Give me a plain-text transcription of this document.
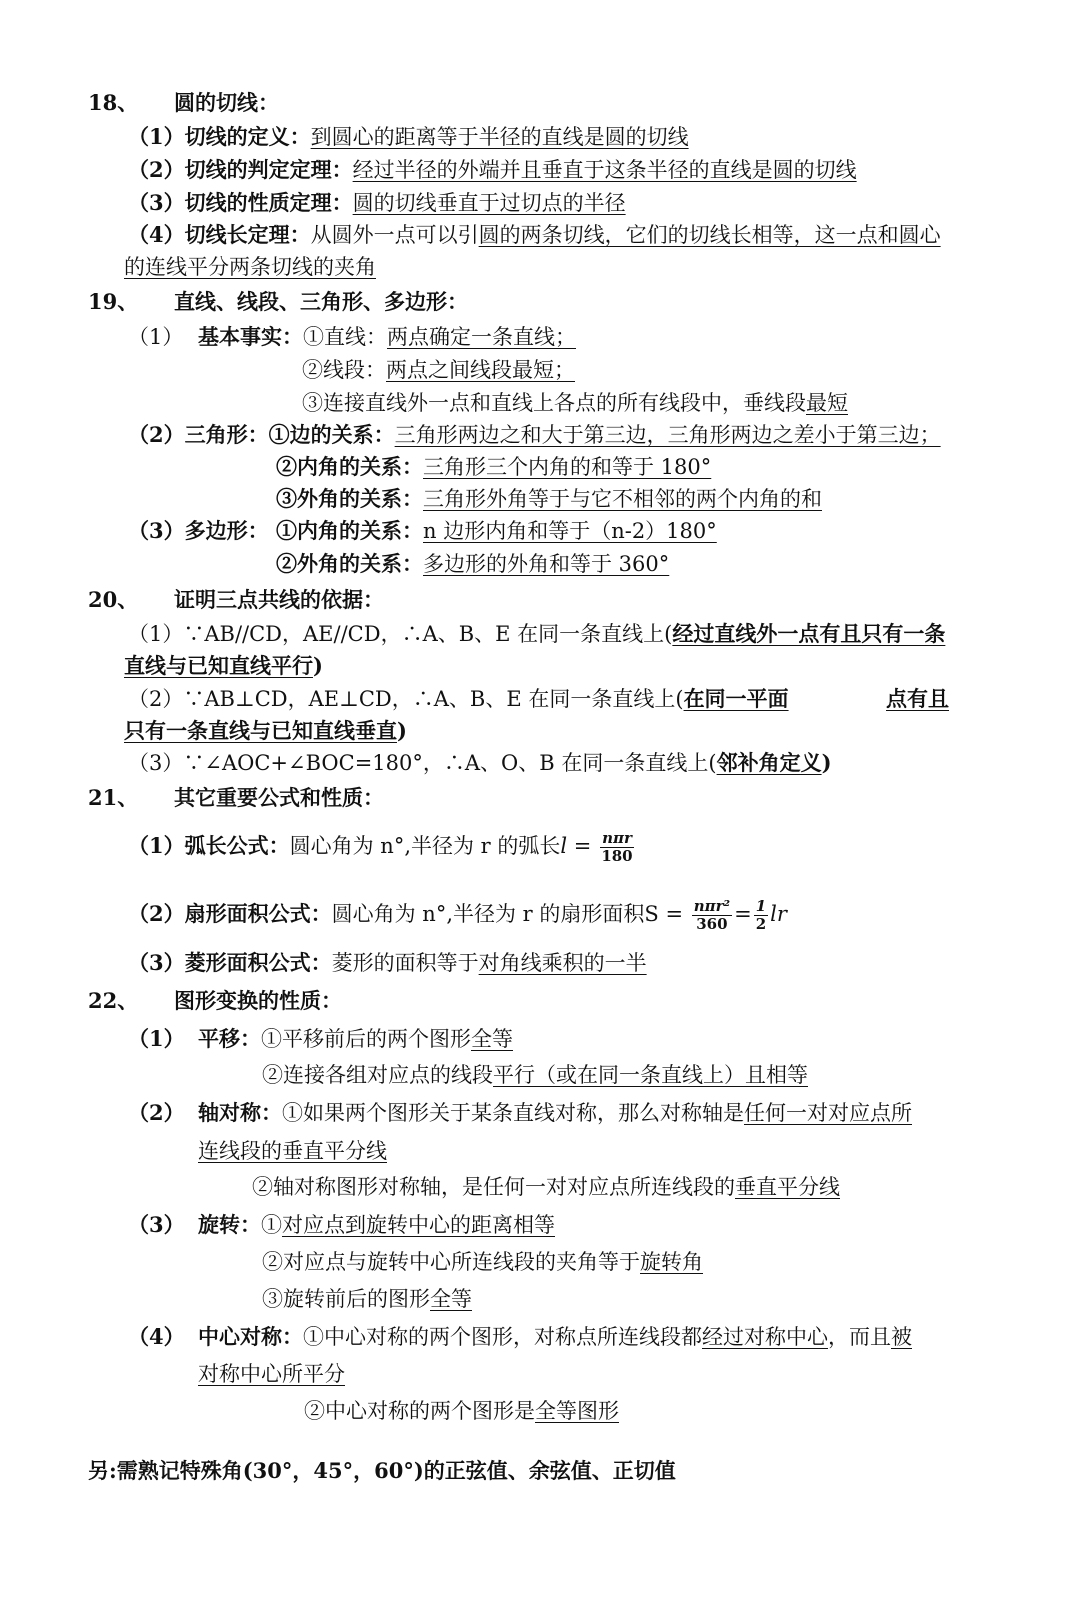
18、 圆的切线：
（1）切线的定义：到圆心的距离等于半径的直线是圆的切线
（2）切线的判定定理：经过半径的外端并且垂直于这条半径的直线是圆的切线
（3）切线的性质定理：圆的切线垂直于过切点的半径
（4）切线长定理：从圆外一点可以引圆的两条切线，它们的切线长相等，这一点和圆心
的连线平分两条切线的夹角
19、 直线、线段、三角形、多边形：
（1） 基本事实：①直线：两点确定一条直线；
②线段：两点之间线段最短；
③连接直线外一点和直线上各点的所有线段中，垂线段最短
（2）三角形：①边的关系：三角形两边之和大于第三边，三角形两边之差小于第三边；
②内角的关系：三角形三个内角的和等于 180°
③外角的关系：三角形外角等于与它不相邻的两个内角的和
（3）多边形： ①内角的关系：n 边形内角和等于（n-2）180°
②外角的关系：多边形的外角和等于 360°
20、 证明三点共线的依据：
（1）∵AB//CD，AE//CD，∴A、B、E 在同一条直线上(经过直线外一点有且只有一条
直线与已知直线平行)
（2）∵AB⊥CD，AE⊥CD，∴A、B、E 在同一条直线上(在同一平面	点有且
只有一条直线与已知直线垂直)
（3）∵∠AOC+∠BOC=180°，∴A、O、B 在同一条直线上(邻补角定义)
21、 其它重要公式和性质：
（1）弧长公式：圆心角为 n°,半径为 r 的弧长$l = \frac{\text{nπr}}{180}$
（2）扇形面积公式：圆心角为 n°,半径为 r 的扇形面积$S = \frac{\text{nπr²}}{360} = \frac{1}{2}$ lr
（3）菱形面积公式：菱形的面积等于对角线乘积的一半
22、 图形变换的性质：
（1） 平移：①平移前后的两个图形全等
②连接各组对应点的线段平行（或在同一条直线上）且相等
（2） 轴对称：①如果两个图形关于某条直线对称，那么对称轴是任何一对对应点所
连线段的垂直平分线
②轴对称图形对称轴，是任何一对对应点所连线段的垂直平分线
（3） 旋转：①对应点到旋转中心的距离相等
②对应点与旋转中心所连线段的夹角等于旋转角
③旋转前后的图形全等
（4） 中心对称：①中心对称的两个图形，对称点所连线段都经过对称中心，而且被
对称中心所平分
②中心对称的两个图形是全等图形
另:需熟记特殊角(30°，45°，60°)的正弦值、余弦值、正切值
